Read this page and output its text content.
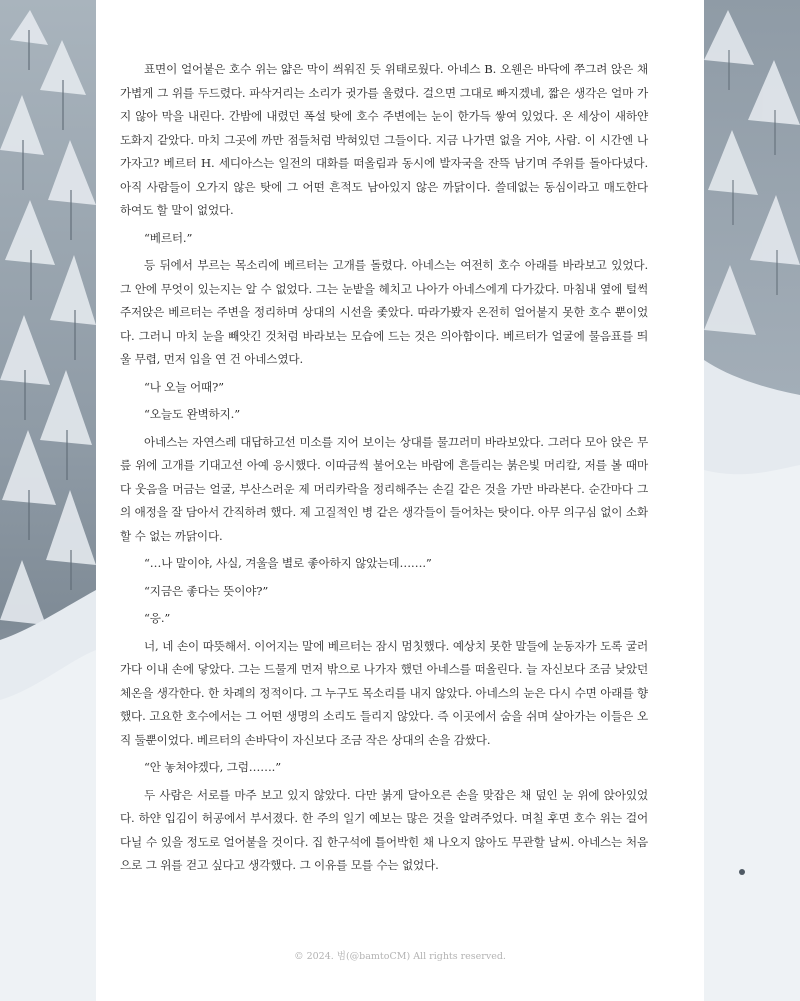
표면이 얼어붙은 호수 위는 얇은 막이 씌워진 듯 위태로웠다. 아네스 B. 오웬은 바닥에 쭈그려 앉은 채 가볍게 그 위를 두드렸다. 파삭거리는 소리가 귓가를 울렸다. 걸으면 그대로 빠지겠네, 짧은 생각은 얼마 가지 않아 막을 내린다. 간밤에 내렸던 폭설 탓에 호수 주변에는 눈이 한가득 쌓여 있었다. 온 세상이 새하얀 도화지 같았다. 마치 그곳에 까만 점들처럼 박혀있던 그들이다. 지금 나가면 없을 거야, 사람. 이 시간엔 나가자고? 베르터 H. 세디아스는 일전의 대화를 떠올림과 동시에 발자국을 잔뜩 남기며 주위를 돌아다녔다. 아직 사람들이 오가지 않은 탓에 그 어떤 흔적도 남아있지 않은 까닭이다. 쓸데없는 동심이라고 매도한다 하여도 할 말이 없었다.

“베르터.”

등 뒤에서 부르는 목소리에 베르터는 고개를 돌렸다. 아네스는 여전히 호수 아래를 바라보고 있었다. 그 안에 무엇이 있는지는 알 수 없었다. 그는 눈밭을 헤치고 나아가 아네스에게 다가갔다. 마침내 옆에 털썩 주저앉은 베르터는 주변을 정리하며 상대의 시선을 좇았다. 따라가봤자 온전히 얼어붙지 못한 호수 뿐이었다. 그러니 마치 눈을 빼앗긴 것처럼 바라보는 모습에 드는 것은 의아함이다. 베르터가 얼굴에 물음표를 띄울 무렵, 먼저 입을 연 건 아네스였다.

“나 오늘 어때?”

“오늘도 완벽하지.”

아네스는 자연스레 대답하고선 미소를 지어 보이는 상대를 물끄러미 바라보았다. 그러다 모아 앉은 무릎 위에 고개를 기대고선 아예 응시했다. 이따금씩 불어오는 바람에 흔들리는 붉은빛 머리칼, 저를 볼 때마다 웃음을 머금는 얼굴, 부산스러운 제 머리카락을 정리해주는 손길 같은 것을 가만 바라본다. 순간마다 그의 애정을 잘 담아서 간직하려 했다. 제 고질적인 병 같은 생각들이 들어차는 탓이다. 아무 의구심 없이 소화할 수 없는 까닭이다.

“…나 말이야, 사실, 겨울을 별로 좋아하지 않았는데…….”

“지금은 좋다는 뜻이야?”

“응.”

너, 네 손이 따뜻해서. 이어지는 말에 베르터는 잠시 멈칫했다. 예상치 못한 말들에 눈동자가 도록 굴러가다 이내 손에 닿았다. 그는 드물게 먼저 밖으로 나가자 했던 아네스를 떠올린다. 늘 자신보다 조금 낮았던 체온을 생각한다. 한 차례의 정적이다. 그 누구도 목소리를 내지 않았다. 아네스의 눈은 다시 수면 아래를 향했다. 고요한 호수에서는 그 어떤 생명의 소리도 들리지 않았다. 즉 이곳에서 숨을 쉬며 살아가는 이들은 오직 둘뿐이었다. 베르터의 손바닥이 자신보다 조금 작은 상대의 손을 감쌌다.

“안 놓쳐야겠다, 그럼…….”

두 사람은 서로를 마주 보고 있지 않았다. 다만 붉게 달아오른 손을 맞잡은 채 덮인 눈 위에 앉아있었다. 하얀 입김이 허공에서 부서졌다. 한 주의 일기 예보는 많은 것을 알려주었다. 며칠 후면 호수 위는 걸어 다닐 수 있을 정도로 얼어붙을 것이다. 집 한구석에 틀어박힌 채 나오지 않아도 무관할 날씨. 아네스는 처음으로 그 위를 걷고 싶다고 생각했다. 그 이유를 모를 수는 없었다.

© 2024. 범(@bamtoCM) All rights reserved.
